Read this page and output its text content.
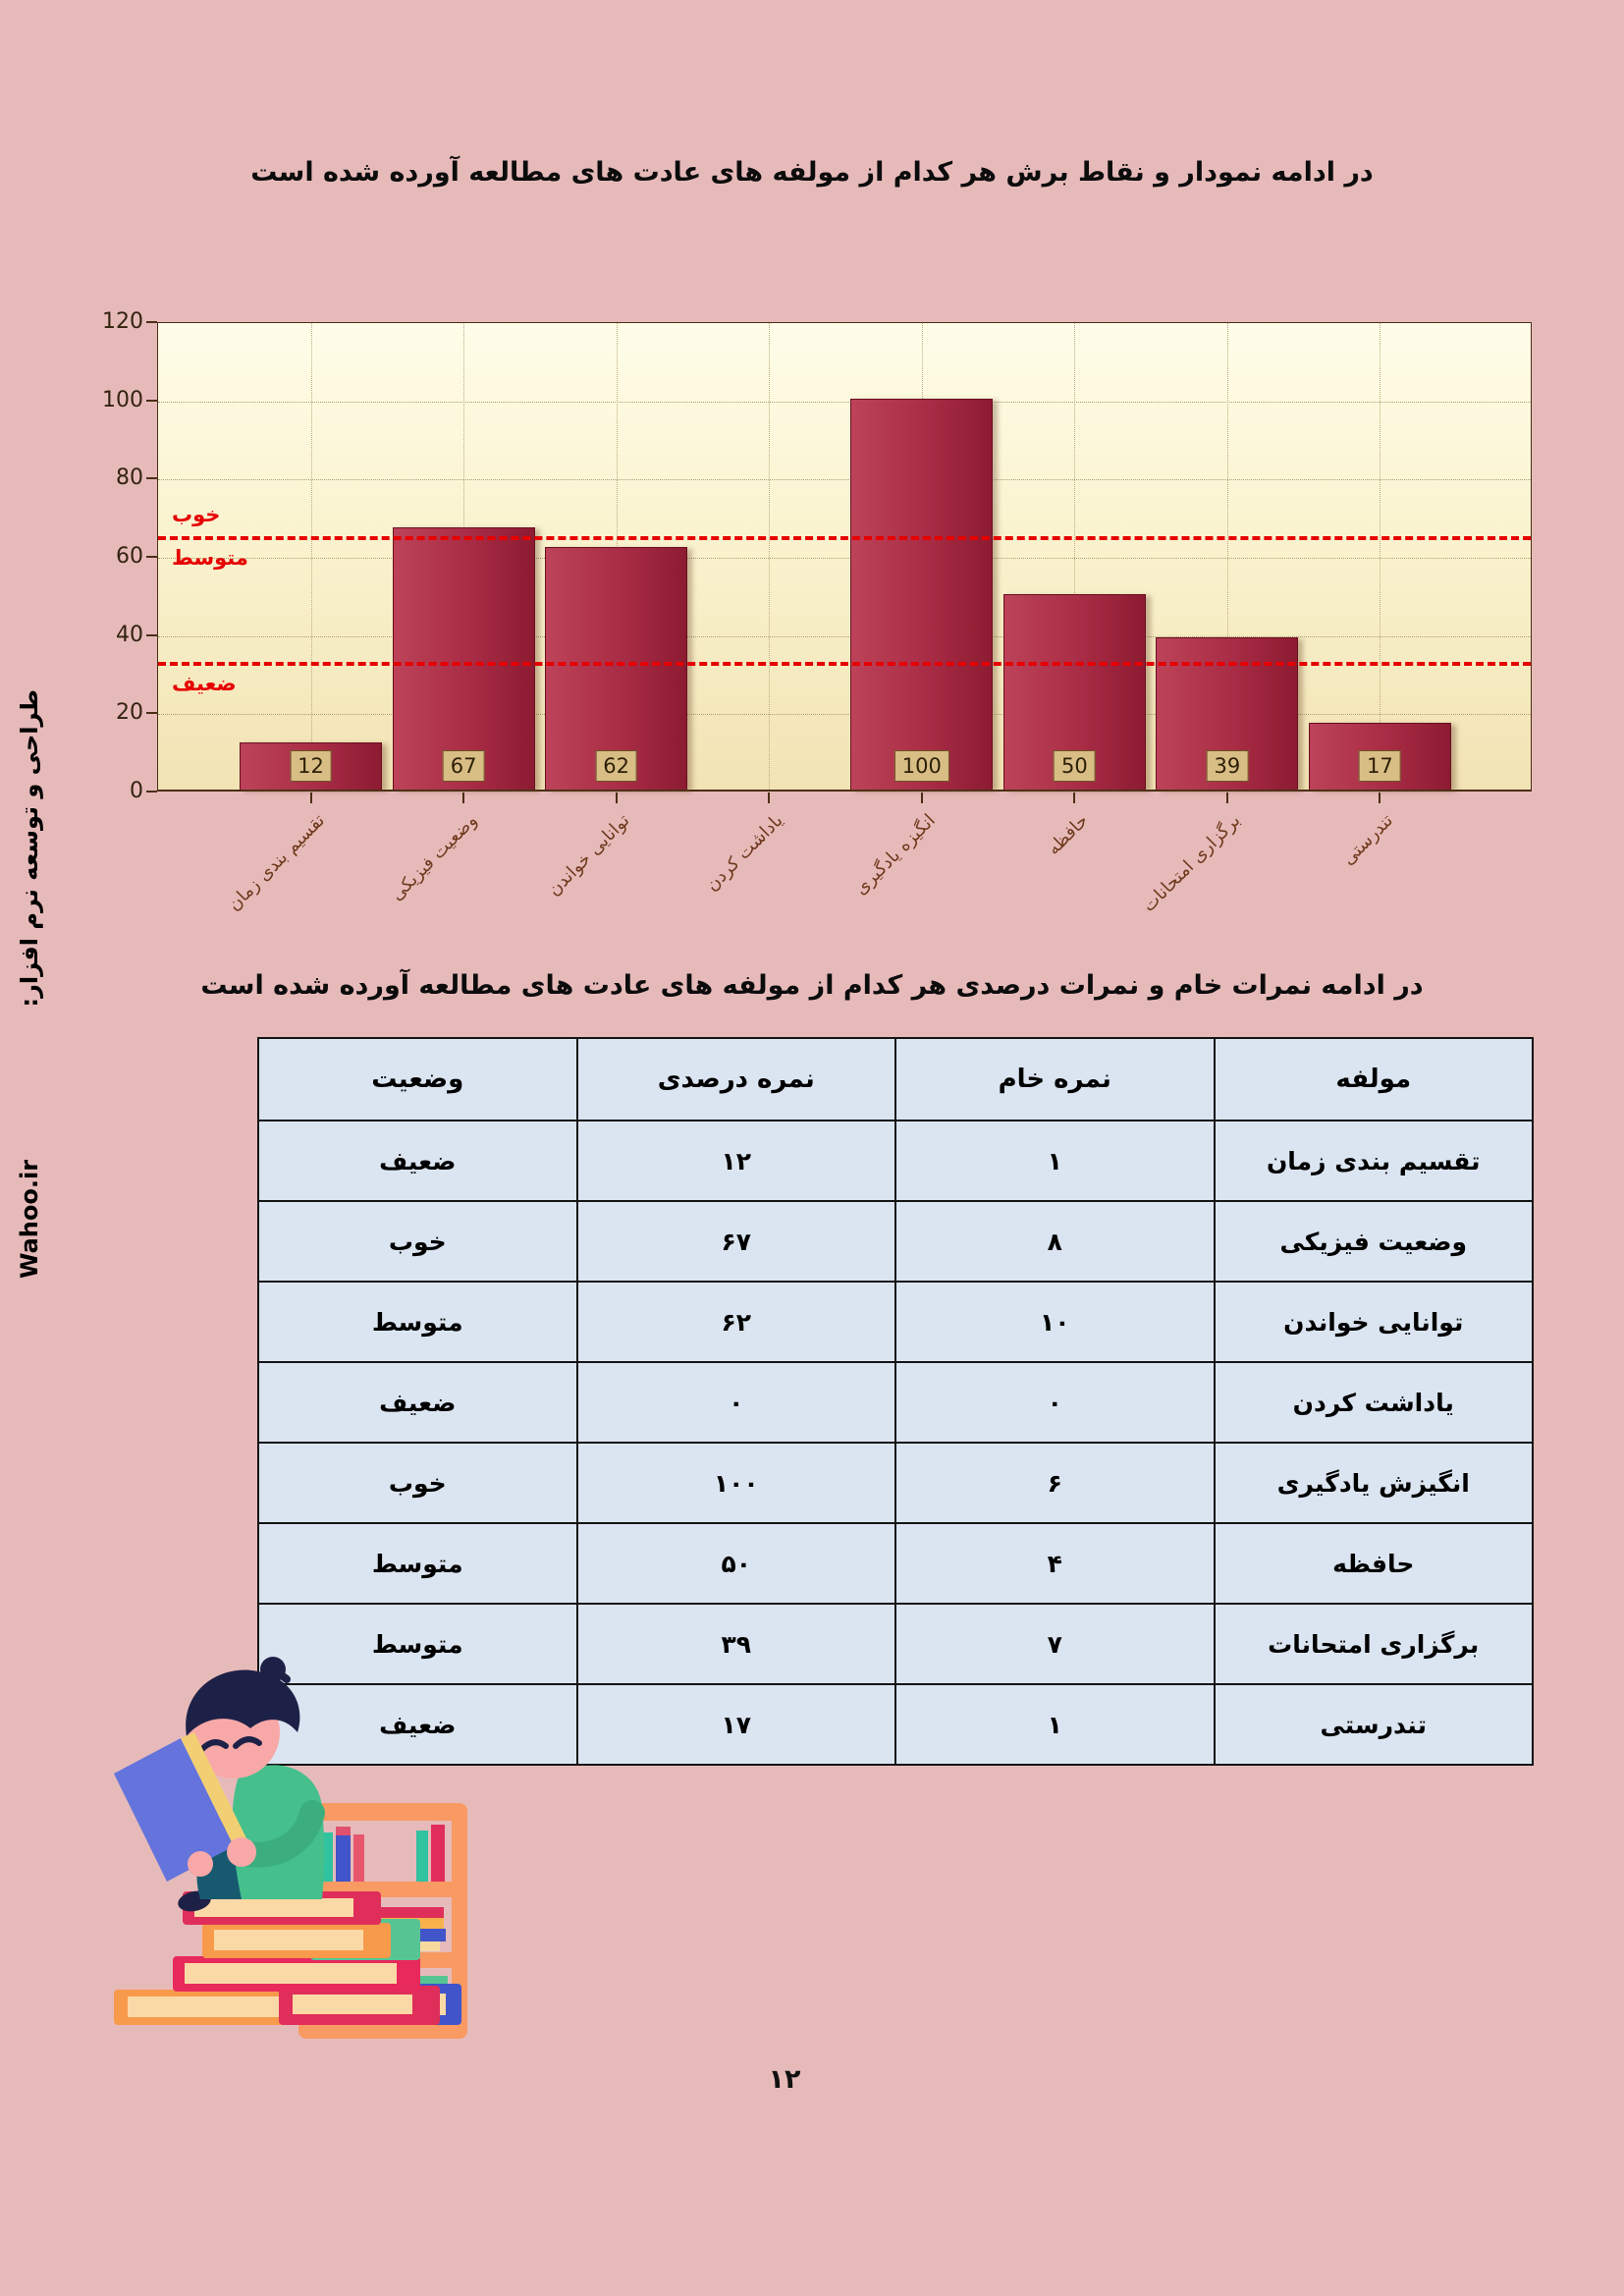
در ادامه نمودار و نقاط برش هر کدام از مولفه های عادت های مطالعه آورده شده است
12	67	62	100	50	39	17
خوب
متوسط
ضعیف
0
20
40
60
80
100
120
تقسیم بندی زمان	وضعیت فیزیکی	توانایی خواندن	یاداشت کردن	انگیزه یادگیری	حافظه	برگزاری امتحانات	تندرستی
در ادامه نمرات خام و نمرات درصدی هر کدام از مولفه های عادت های مطالعه آورده شده است
وضعیت	نمره درصدی	نمره خام	مولفه
ضعیف	۱۲	۱	تقسیم بندی زمان
خوب	۶۷	۸	وضعیت فیزیکی
متوسط	۶۲	۱۰	توانایی خواندن
ضعیف	۰	۰	یاداشت کردن
خوب	۱۰۰	۶	انگیزش یادگیری
متوسط	۵۰	۴	حافظه
متوسط	۳۹	۷	برگزاری امتحانات
ضعیف	۱۷	۱	تندرستی
طراحی و توسعه نرم افزار:
Wahoo.ir
۱۲
